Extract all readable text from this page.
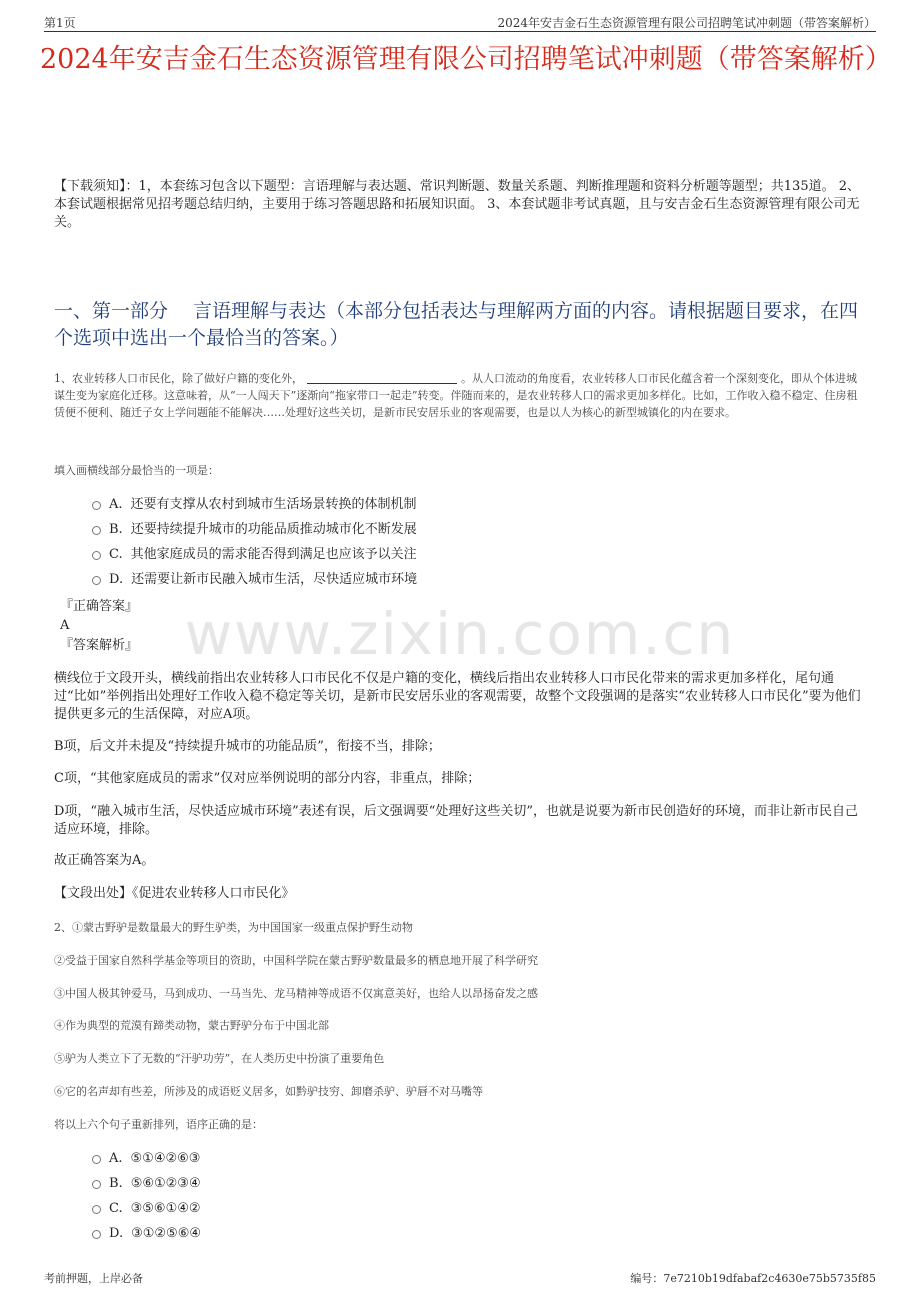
第1页	2024年安吉金石生态资源管理有限公司招聘笔试冲刺题（带答案解析）
2024年安吉金石生态资源管理有限公司招聘笔试冲刺题（带答案解析）
【下载须知】：1，本套练习包含以下题型：言语理解与表达题、常识判断题、数量关系题、判断推理题和资料分析题等题型；共135道。 2、本套试题根据常见招考题总结归纳，主要用于练习答题思路和拓展知识面。 3、本套试题非考试真题，且与安吉金石生态资源管理有限公司无关。
一、第一部分　 言语理解与表达（本部分包括表达与理解两方面的内容。请根据题目要求，在四个选项中选出一个最恰当的答案。）
1、农业转移人口市民化，除了做好户籍的变化外，	。从人口流动的角度看，农业转移人口市民化蕴含着一个深刻变化，即从个体进城谋生变为家庭化迁移。这意味着，从“一人闯天下”逐渐向“拖家带口一起走”转变。伴随而来的，是农业转移人口的需求更加多样化。比如，工作收入稳不稳定、住房租赁便不便利、随迁子女上学问题能不能解决……处理好这些关切，是新市民安居乐业的客观需要，也是以人为核心的新型城镇化的内在要求。
填入画横线部分最恰当的一项是：
A. 还要有支撑从农村到城市生活场景转换的体制机制
B. 还要持续提升城市的功能品质推动城市化不断发展
C. 其他家庭成员的需求能否得到满足也应该予以关注
D. 还需要让新市民融入城市生活，尽快适应城市环境
www.zixin.com.cn
『正确答案』
A
『答案解析』
横线位于文段开头，横线前指出农业转移人口市民化不仅是户籍的变化，横线后指出农业转移人口市民化带来的需求更加多样化，尾句通过“比如”举例指出处理好工作收入稳不稳定等关切，是新市民安居乐业的客观需要，故整个文段强调的是落实“农业转移人口市民化”要为他们提供更多元的生活保障，对应A项。
B项，后文并未提及“持续提升城市的功能品质”，衔接不当，排除；
C项，“其他家庭成员的需求”仅对应举例说明的部分内容，非重点，排除；
D项，“融入城市生活，尽快适应城市环境”表述有误，后文强调要“处理好这些关切”，也就是说要为新市民创造好的环境，而非让新市民自己适应环境，排除。
故正确答案为A。
【文段出处】《促进农业转移人口市民化》
2、①蒙古野驴是数量最大的野生驴类，为中国国家一级重点保护野生动物
②受益于国家自然科学基金等项目的资助，中国科学院在蒙古野驴数量最多的栖息地开展了科学研究
③中国人极其钟爱马，马到成功、一马当先、龙马精神等成语不仅寓意美好，也给人以昂扬奋发之感
④作为典型的荒漠有蹄类动物，蒙古野驴分布于中国北部
⑤驴为人类立下了无数的“汗驴功劳”，在人类历史中扮演了重要角色
⑥它的名声却有些差，所涉及的成语贬义居多，如黔驴技穷、卸磨杀驴、驴唇不对马嘴等
将以上六个句子重新排列，语序正确的是：
A. ⑤①④②⑥③
B. ⑤⑥①②③④
C. ③⑤⑥①④②
D. ③①②⑤⑥④
考前押题，上岸必备	编号：7e7210b19dfabaf2c4630e75b5735f85
